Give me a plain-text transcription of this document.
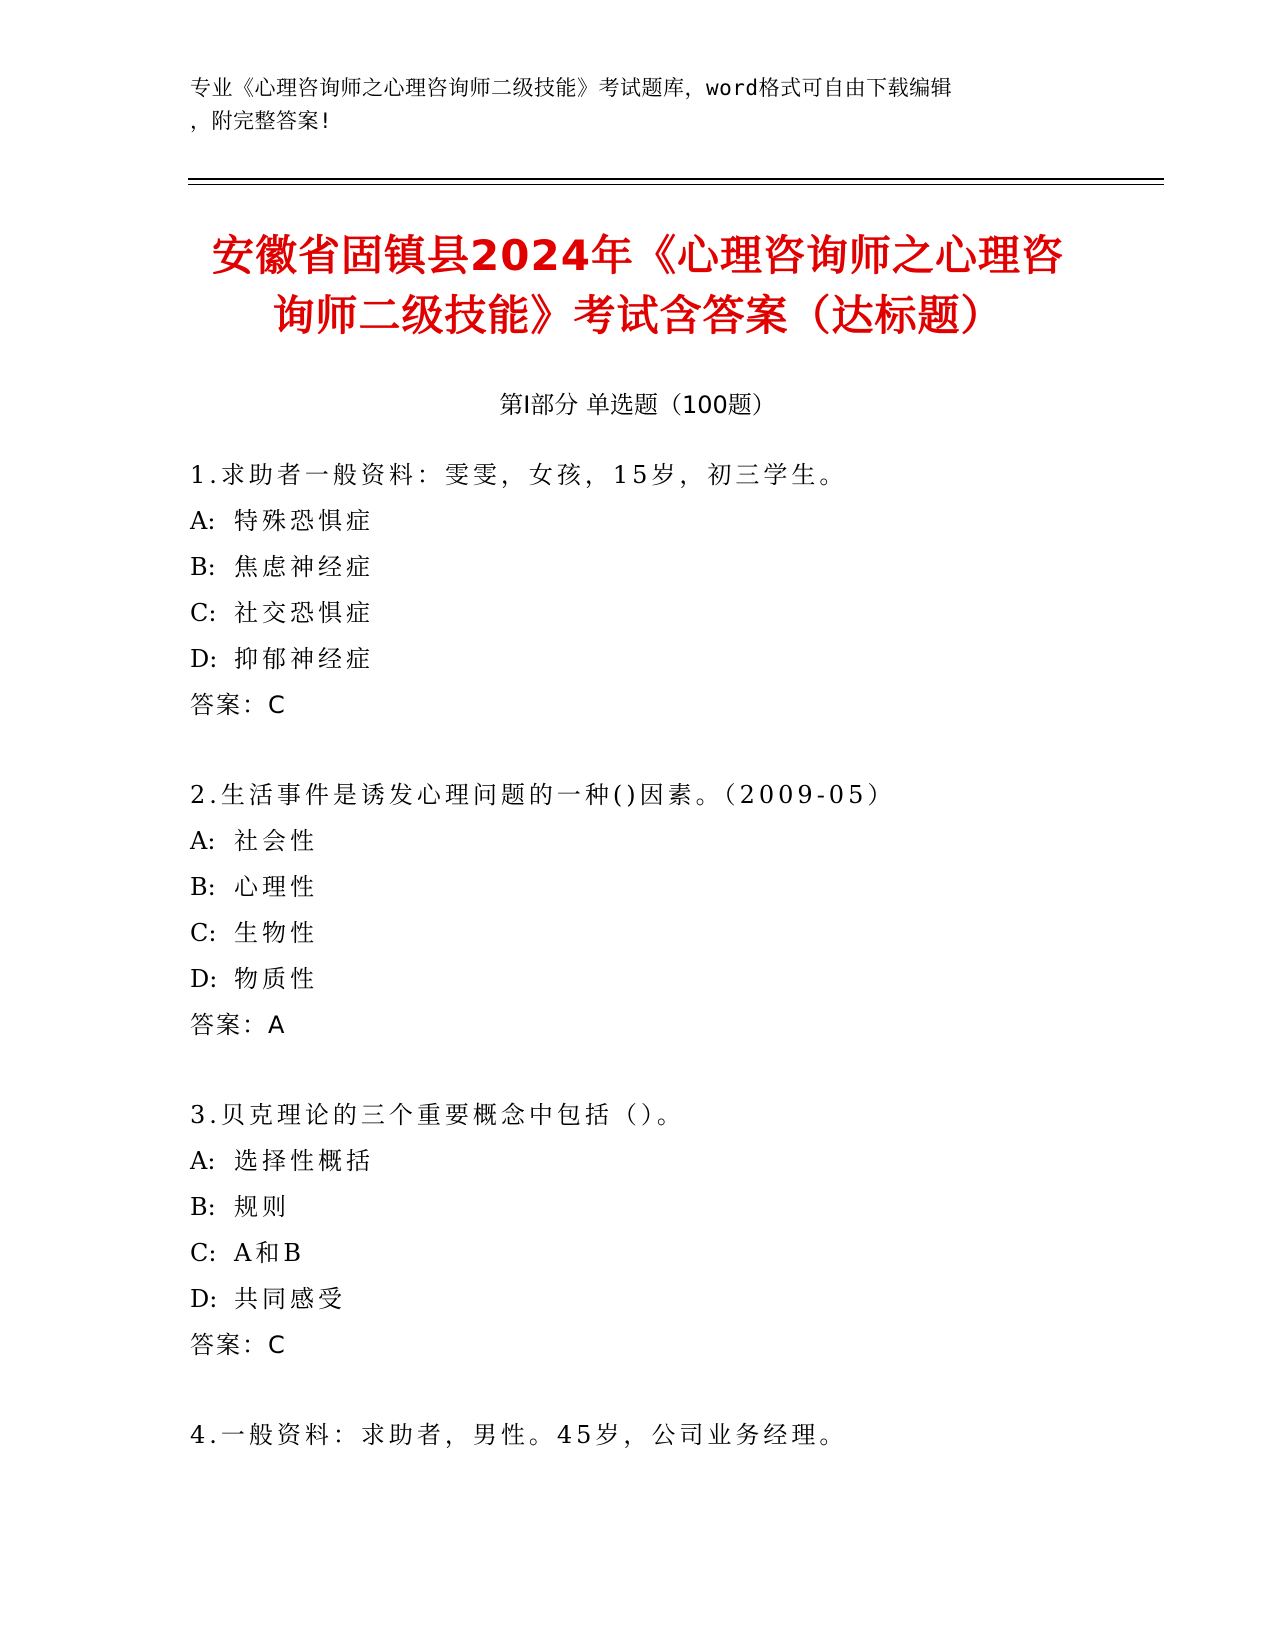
专业《心理咨询师之心理咨询师二级技能》考试题库，word格式可自由下载编辑
，附完整答案!
安徽省固镇县2024年《心理咨询师之心理咨
询师二级技能》考试含答案（达标题）
第Ⅰ部分 单选题（100题）
1.求助者一般资料：雯雯，女孩，15岁，初三学生。
A: 特殊恐惧症
B: 焦虑神经症
C: 社交恐惧症
D: 抑郁神经症
答案：C
2.生活事件是诱发心理问题的一种()因素。（2009-05）
A: 社会性
B: 心理性
C: 生物性
D: 物质性
答案：A
3.贝克理论的三个重要概念中包括（）。
A: 选择性概括
B: 规则
C: A和B
D: 共同感受
答案：C
4.一般资料：求助者，男性。45岁，公司业务经理。
